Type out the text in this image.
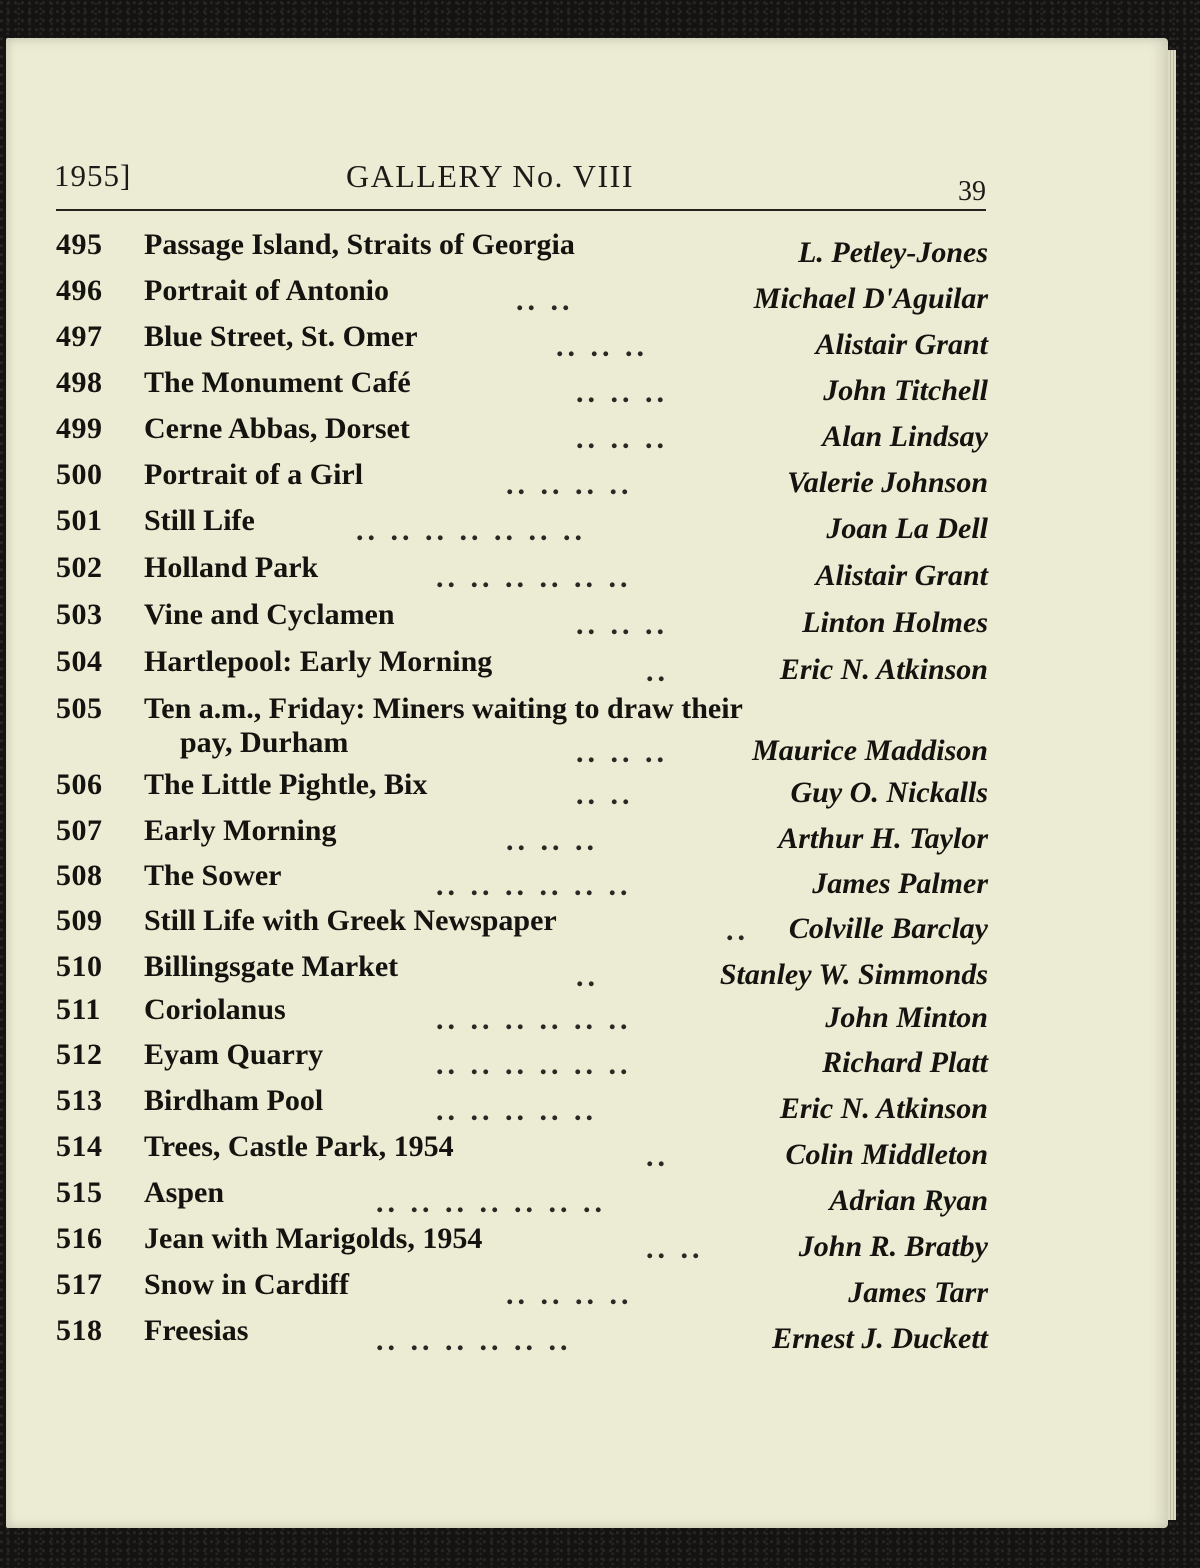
1955]	GALLERY No. VIII	39
495 Passage Island, Straits of Georgia	L. Petley-Jones
496 Portrait of Antonio	.. ..	Michael D'Aguilar
497 Blue Street, St. Omer	.. .. ..	Alistair Grant
498 The Monument Café	.. .. ..	John Titchell
499 Cerne Abbas, Dorset	.. .. ..	Alan Lindsay
500 Portrait of a Girl	.. .. .. ..	Valerie Johnson
501 Still Life	.. .. .. .. .. .. ..	Joan La Dell
502 Holland Park	.. .. .. .. .. ..	Alistair Grant
503 Vine and Cyclamen	.. .. ..	Linton Holmes
504 Hartlepool: Early Morning	..	Eric N. Atkinson
505 Ten a.m., Friday: Miners waiting to draw their
pay, Durham	.. .. ..	Maurice Maddison
506 The Little Pightle, Bix	.. ..	Guy O. Nickalls
507 Early Morning	.. .. ..	Arthur H. Taylor
508 The Sower	.. .. .. .. .. ..	James Palmer
509 Still Life with Greek Newspaper	.. Colville Barclay
510 Billingsgate Market	..	Stanley W. Simmonds
511 Coriolanus	.. .. .. .. .. ..	John Minton
512 Eyam Quarry	.. .. .. .. .. ..	Richard Platt
513 Birdham Pool	.. .. .. .. ..	Eric N. Atkinson
514 Trees, Castle Park, 1954	..	Colin Middleton
515 Aspen	.. .. .. .. .. .. ..	Adrian Ryan
516 Jean with Marigolds, 1954	.. ..	John R. Bratby
517 Snow in Cardiff	.. .. .. ..	James Tarr
518 Freesias	.. .. .. .. .. ..	Ernest J. Duckett
